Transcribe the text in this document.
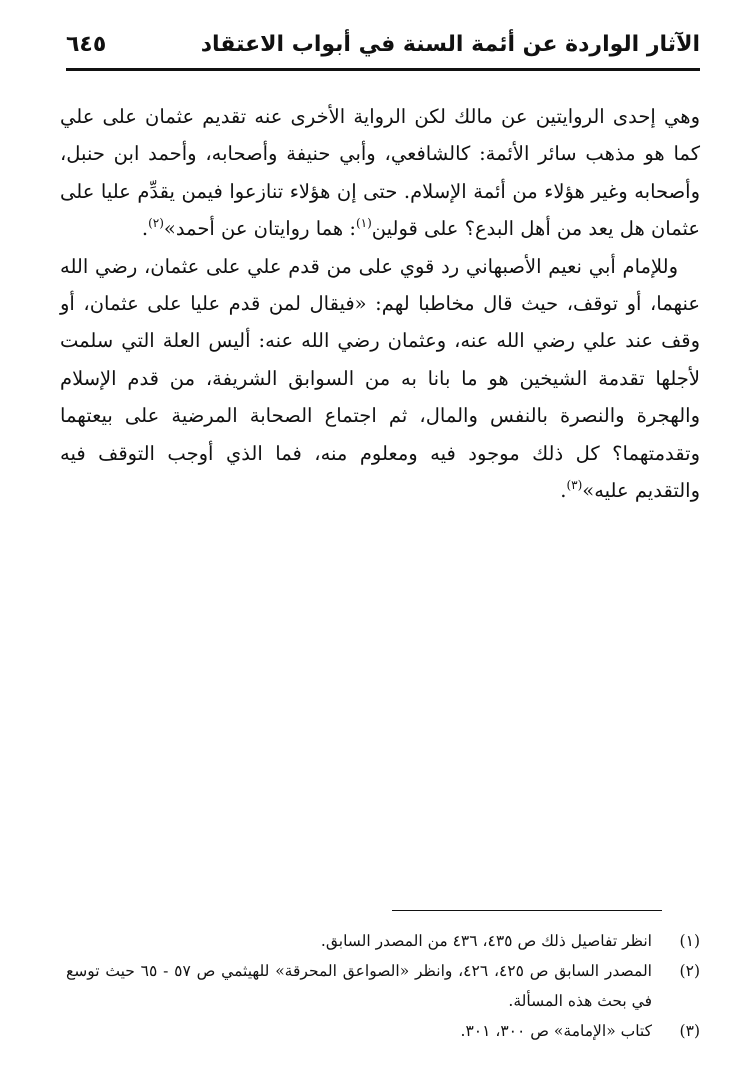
الآثار الواردة عن أئمة السنة في أبواب الاعتقاد
٦٤٥

وهي إحدى الروايتين عن مالك لكن الرواية الأخرى عنه تقديم عثمان على علي كما هو مذهب سائر الأئمة: كالشافعي، وأبي حنيفة وأصحابه، وأحمد ابن حنبل، وأصحابه وغير هؤلاء من أئمة الإسلام. حتى إن هؤلاء تنازعوا فيمن يقدِّم عليا على عثمان هل يعد من أهل البدع؟ على قولين$^{(١)}$: هما روايتان عن أحمد»$^{(٢)}$.

وللإمام أبي نعيم الأصبهاني رد قوي على من قدم علي على عثمان، رضي الله عنهما، أو توقف، حيث قال مخاطبا لهم: «فيقال لمن قدم عليا على عثمان، أو وقف عند علي رضي الله عنه، وعثمان رضي الله عنه: أليس العلة التي سلمت لأجلها تقدمة الشيخين هو ما بانا به من السوابق الشريفة، من قدم الإسلام والهجرة والنصرة بالنفس والمال، ثم اجتماع الصحابة المرضية على بيعتهما وتقدمتهما؟ كل ذلك موجود فيه ومعلوم منه، فما الذي أوجب التوقف فيه والتقديم عليه»$^{(٣)}$.

(١)
انظر تفاصيل ذلك ص ٤٣٥، ٤٣٦ من المصدر السابق.
(٢)
المصدر السابق ص ٤٢٥، ٤٢٦، وانظر «الصواعق المحرقة» للهيثمي ص ٥٧ - ٦٥ حيث توسع في بحث هذه المسألة.
(٣)
كتاب «الإمامة» ص ٣٠٠، ٣٠١.
